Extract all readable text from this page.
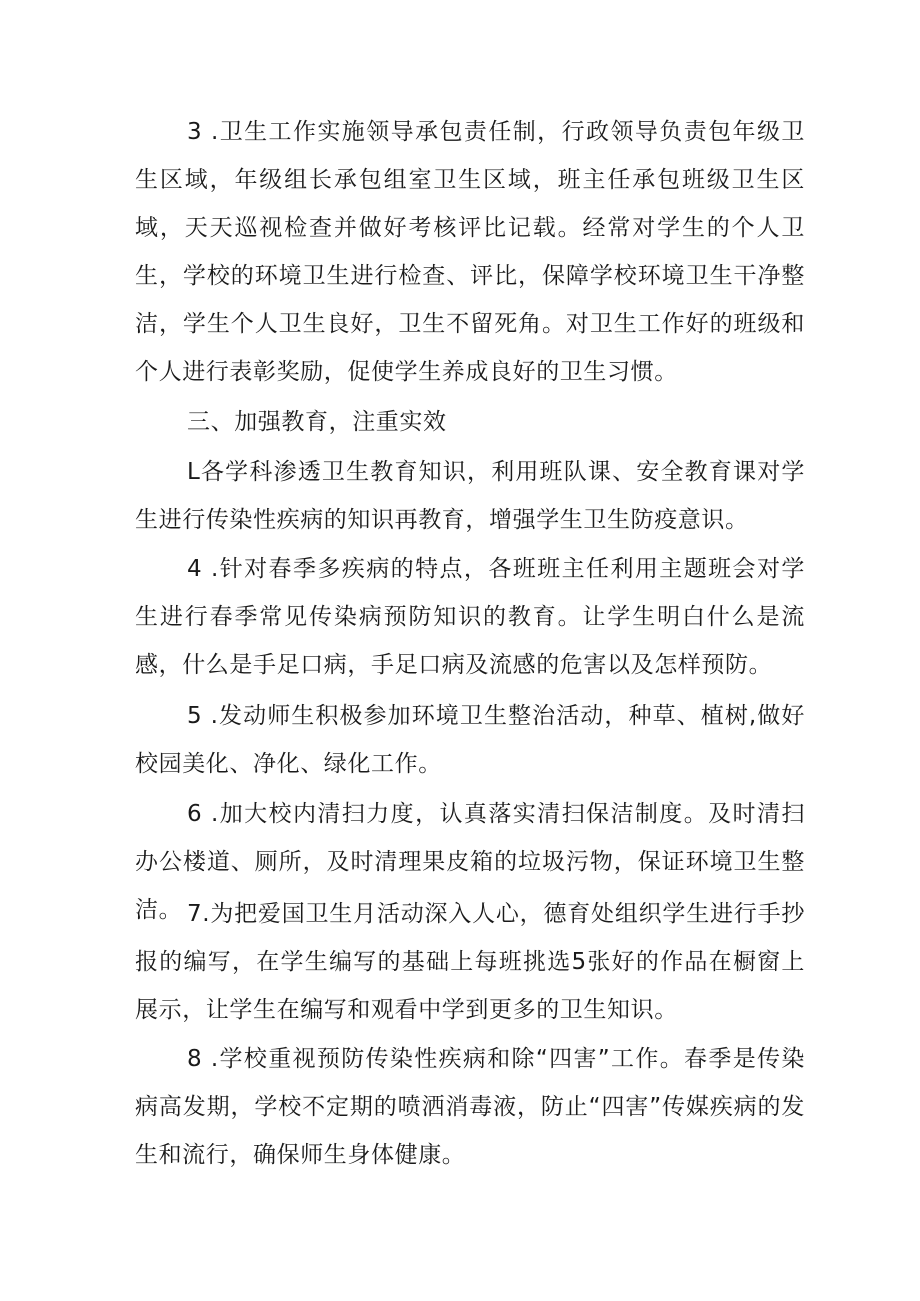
3 .卫生工作实施领导承包责任制，行政领导负责包年级卫生区域，年级组长承包组室卫生区域，班主任承包班级卫生区域，天天巡视检查并做好考核评比记载。经常对学生的个人卫生，学校的环境卫生进行检查、评比，保障学校环境卫生干净整洁，学生个人卫生良好，卫生不留死角。对卫生工作好的班级和个人进行表彰奖励，促使学生养成良好的卫生习惯。

三、加强教育，注重实效

L各学科渗透卫生教育知识，利用班队课、安全教育课对学生进行传染性疾病的知识再教育，增强学生卫生防疫意识。

4 .针对春季多疾病的特点，各班班主任利用主题班会对学生进行春季常见传染病预防知识的教育。让学生明白什么是流感，什么是手足口病，手足口病及流感的危害以及怎样预防。

5 .发动师生积极参加环境卫生整治活动，种草、植树,做好校园美化、净化、绿化工作。

6 .加大校内清扫力度，认真落实清扫保洁制度。及时清扫办公楼道、厕所，及时清理果皮箱的垃圾污物，保证环境卫生整洁。 7.为把爱国卫生月活动深入人心，德育处组织学生进行手抄报的编写，在学生编写的基础上每班挑选5张好的作品在橱窗上展示，让学生在编写和观看中学到更多的卫生知识。

8 .学校重视预防传染性疾病和除“四害”工作。春季是传染病高发期，学校不定期的喷洒消毒液，防止“四害”传媒疾病的发生和流行，确保师生身体健康。
